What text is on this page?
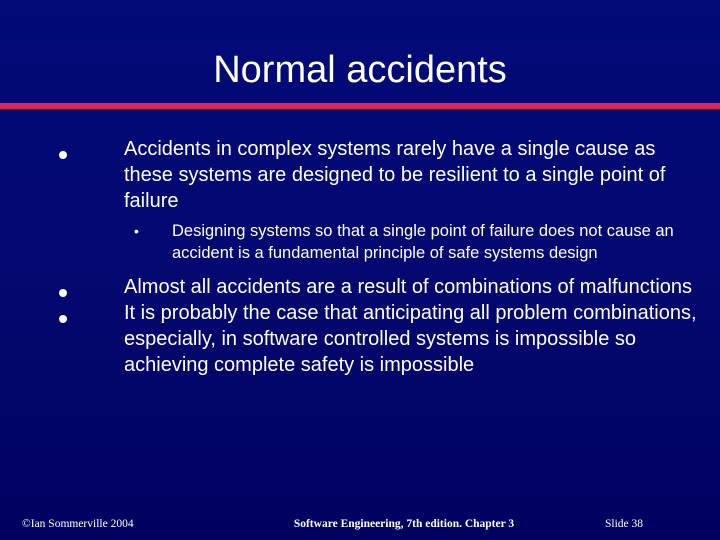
Normal accidents
Accidents in complex systems rarely have a single cause as these systems are designed to be resilient to a single point of failure
• Designing systems so that a single point of failure does not cause an accident is a fundamental principle of safe systems design
Almost all accidents are a result of combinations of malfunctions
It is probably the case that anticipating all problem combinations, especially, in software controlled systems is impossible so achieving complete safety is impossible
©Ian Sommerville 2004	Software Engineering, 7th edition. Chapter 3	Slide 38
